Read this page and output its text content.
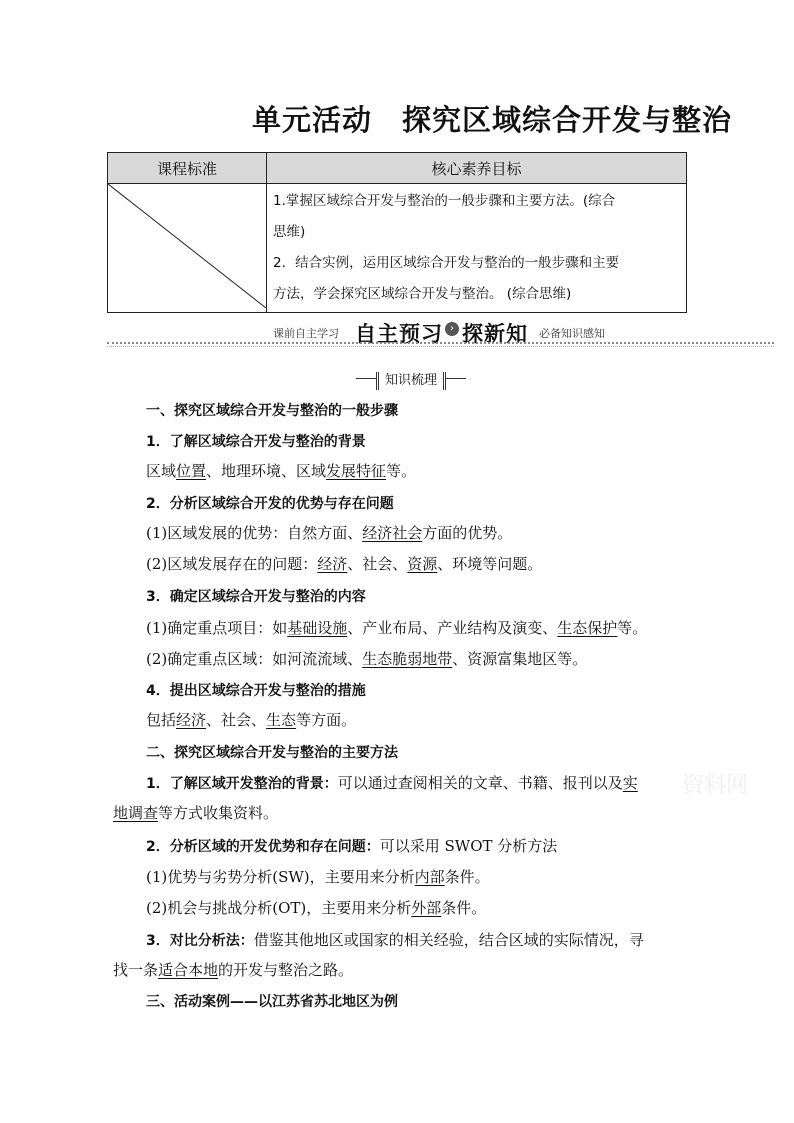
单元活动　探究区域综合开发与整治
课程标准	核心素养目标

1.掌握区域综合开发与整治的一般步骤和主要方法。(综合
思维)
2．结合实例，运用区域综合开发与整治的一般步骤和主要
方法，学会探究区域综合开发与整治。 (综合思维)
课前自主学习 自主预习 › 探新知 必备知识感知
知识梳理
一、探究区域综合开发与整治的一般步骤
1．了解区域综合开发与整治的背景
区域位置、地理环境、区域发展特征等。
2．分析区域综合开发的优势与存在问题
(1)区域发展的优势：自然方面、经济社会方面的优势。
(2)区域发展存在的问题：经济、社会、资源、环境等问题。
3．确定区域综合开发与整治的内容
(1)确定重点项目：如基础设施、产业布局、产业结构及演变、生态保护等。
(2)确定重点区域：如河流流域、生态脆弱地带、资源富集地区等。
4．提出区域综合开发与整治的措施
包括经济、社会、生态等方面。
二、探究区域综合开发与整治的主要方法
1．了解区域开发整治的背景：可以通过查阅相关的文章、书籍、报刊以及实
地调查等方式收集资料。
2．分析区域的开发优势和存在问题：可以采用 SWOT 分析方法
(1)优势与劣势分析(SW)，主要用来分析内部条件。
(2)机会与挑战分析(OT)，主要用来分析外部条件。
3．对比分析法：借鉴其他地区或国家的相关经验，结合区域的实际情况，寻
找一条适合本地的开发与整治之路。
三、活动案例——以江苏省苏北地区为例
资料网
